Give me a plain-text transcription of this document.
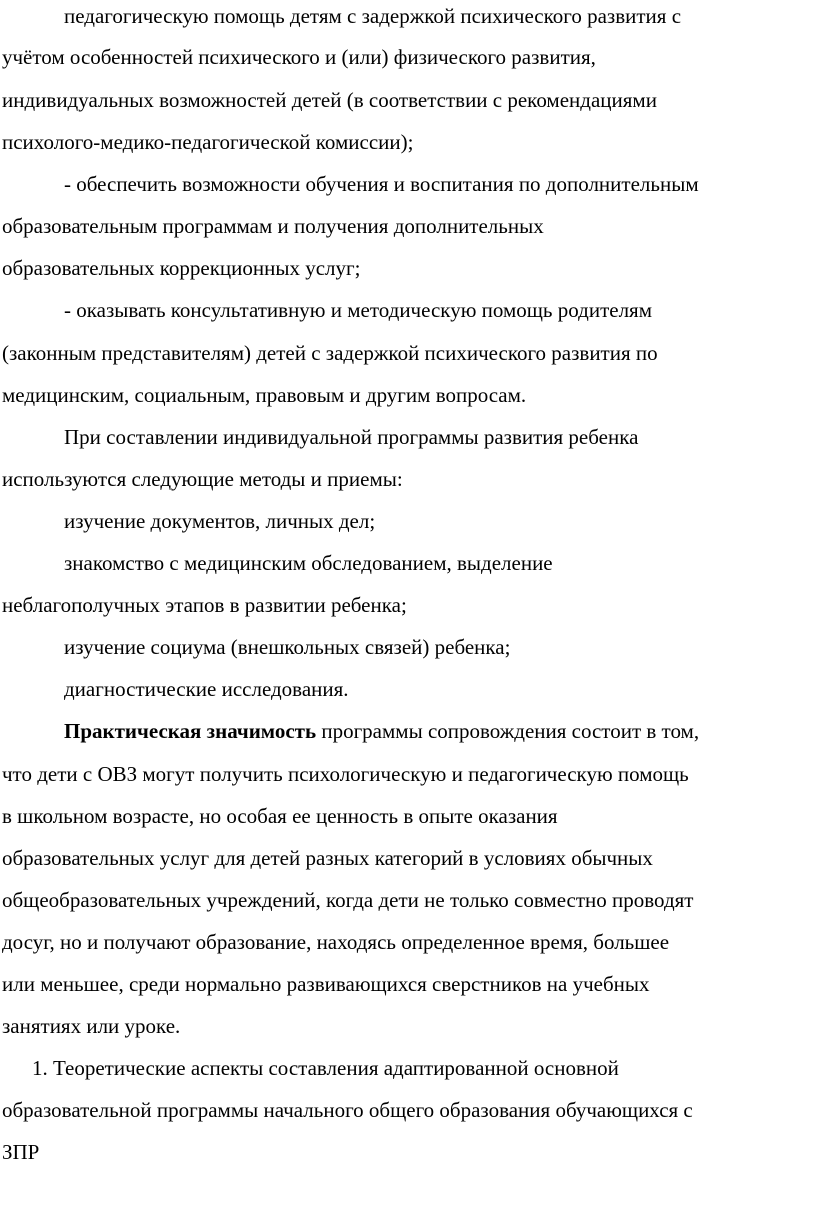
педагогическую помощь детям с задержкой психического развития с
учётом особенностей психического и (или) физического развития,
индивидуальных возможностей детей (в соответствии с рекомендациями
психолого-медико-педагогической комиссии);
- обеспечить возможности обучения и воспитания по дополнительным
образовательным программам и получения дополнительных
образовательных коррекционных услуг;
- оказывать консультативную и методическую помощь родителям
(законным представителям) детей с задержкой психического развития по
медицинским, социальным, правовым и другим вопросам.
При составлении индивидуальной программы развития ребенка
используются следующие методы и приемы:
изучение документов, личных дел;
знакомство с медицинским обследованием, выделение
неблагополучных этапов в развитии ребенка;
изучение социума (внешкольных связей) ребенка;
диагностические исследования.
Практическая значимость программы сопровождения состоит в том,
что дети с ОВЗ могут получить психологическую и педагогическую помощь
в школьном возрасте, но особая ее ценность в опыте оказания
образовательных услуг для детей разных категорий в условиях обычных
общеобразовательных учреждений, когда дети не только совместно проводят
досуг, но и получают образование, находясь определенное время, большее
или меньшее, среди нормально развивающихся сверстников на учебных
занятиях или уроке.
1. Теоретические аспекты составления адаптированной основной
образовательной программы начального общего образования обучающихся с
ЗПР
